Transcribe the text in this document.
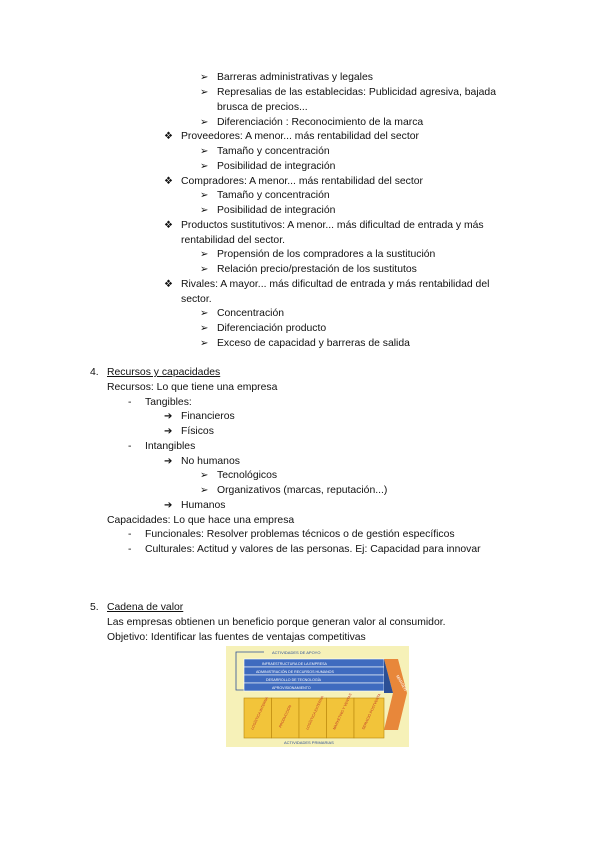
➢ Barreras administrativas y legales
➢ Represalias de las establecidas: Publicidad agresiva, bajada
brusca de precios...
➢ Diferenciación : Reconocimiento de la marca
❖ Proveedores: A menor... más rentabilidad del sector
➢ Tamaño y concentración
➢ Posibilidad de integración
❖ Compradores: A menor... más rentabilidad del sector
➢ Tamaño y concentración
➢ Posibilidad de integración
❖ Productos sustitutivos: A menor... más dificultad de entrada y más
rentabilidad del sector.
➢ Propensión de los compradores a la sustitución
➢ Relación precio/prestación de los sustitutos
❖ Rivales: A mayor... más dificultad de entrada y más rentabilidad del
sector.
➢ Concentración
➢ Diferenciación producto
➢ Exceso de capacidad y barreras de salida
4. Recursos y capacidades
Recursos: Lo que tiene una empresa
- Tangibles:
➔ Financieros
➔ Físicos
- Intangibles
➔ No humanos
➢ Tecnológicos
➢ Organizativos (marcas, reputación...)
➔ Humanos
Capacidades: Lo que hace una empresa
- Funcionales: Resolver problemas técnicos o de gestión específicos
- Culturales: Actitud y valores de las personas. Ej: Capacidad para innovar
5. Cadena de valor
Las empresas obtienen un beneficio porque generan valor al consumidor.
Objetivo: Identificar las fuentes de ventajas competitivas
ACTIVIDADES DE APOYO
INFRAESTRUCTURA DE LA EMPRESA
ADMINISTRACIÓN DE RECURSOS HUMANOS
DESARROLLO DE TECNOLOGÍA
APROVISIONAMIENTO	MARGEN
LOGÍSTICA INTERNA	PRODUCCIÓN	LOGÍSTICA EXTERNA MARKETING Y VENTAS SERVICIO POSTVENTA
ACTIVIDADES PRIMARIAS
